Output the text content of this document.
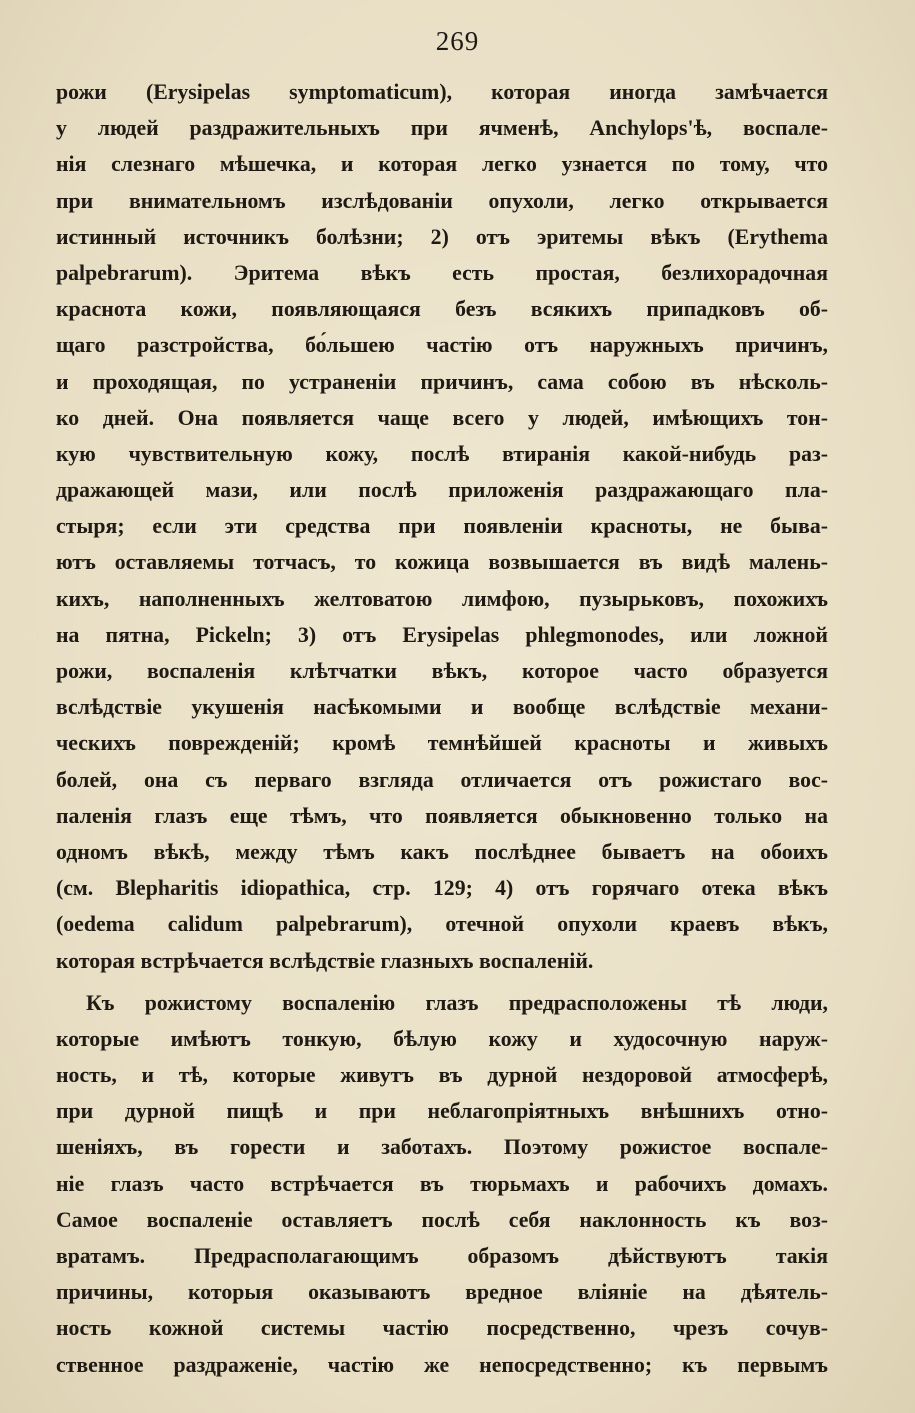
269
рожи (Erysipelas symptomaticum), которая иногда замѣчается
у людей раздражительныхъ при ячменѣ, Anchylops'ѣ, воспале-
нія слезнаго мѣшечка, и которая легко узнается по тому, что
при внимательномъ изслѣдованіи опухоли, легко открывается
истинный источникъ болѣзни; 2) отъ эритемы вѣкъ (Erythema
palpebrarum). Эритема вѣкъ есть простая, безлихорадочная
краснота кожи, появляющаяся безъ всякихъ припадковъ об-
щаго разстройства, бо́льшею частію отъ наружныхъ причинъ,
и проходящая, по устраненіи причинъ, сама собою въ нѣсколь-
ко дней. Она появляется чаще всего у людей, имѣющихъ тон-
кую чувствительную кожу, послѣ втиранія какой-нибудь раз-
дражающей мази, или послѣ приложенія раздражающаго пла-
стыря; если эти средства при появленіи красноты, не бывa-
ютъ оставляемы тотчасъ, то кожица возвышается въ видѣ малень-
кихъ, наполненныхъ желтоватою лимфою, пузырьковъ, похожихъ
на пятна, Pickeln; 3) отъ Erysipelas phlegmonodes, или ложной
рожи, воспаленія клѣтчатки вѣкъ, которое часто образуется
вслѣдствіе укушенія насѣкомыми и вообще вслѣдствіе механи-
ческихъ поврежденій; кромѣ темнѣйшей красноты и живыхъ
болей, она съ перваго взгляда отличается отъ рожистаго вос-
паленія глазъ еще тѣмъ, что появляется обыкновенно только на
одномъ вѣкѣ, между тѣмъ какъ послѣднее бываетъ на обоихъ
(см. Blepharitis idiopathica, стр. 129; 4) отъ горячаго отека вѣкъ
(oedema calidum palpebrarum), отечной опухоли краевъ вѣкъ,
которая встрѣчается вслѣдствіе глазныхъ воспаленій.
Къ рожистому воспаленію глазъ предрасположены тѣ люди,
которые имѣютъ тонкую, бѣлую кожу и худосочную наруж-
ность, и тѣ, которые живутъ въ дурной нездоровой атмосферѣ,
при дурной пищѣ и при неблагопріятныхъ внѣшнихъ отно-
шеніяхъ, въ горести и заботахъ. Поэтому рожистое воспале-
ніе глазъ часто встрѣчается въ тюрьмахъ и рабочихъ домахъ.
Самое воспаленіе оставляетъ послѣ себя наклонность къ воз-
вратамъ. Предрасполагающимъ образомъ дѣйствуютъ такія
причины, которыя оказываютъ вредное вліяніе на дѣятель-
ность кожной системы частію посредственно, чрезъ сочув-
ственное раздраженіе, частію же непосредственно; къ первымъ
